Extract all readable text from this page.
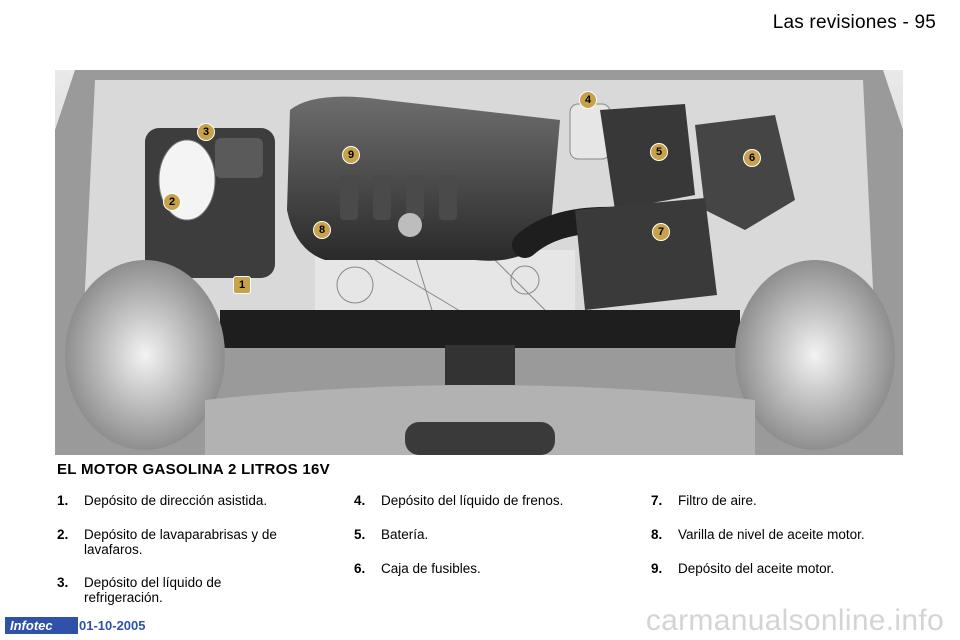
Las revisiones - 95
1
2
3
4
5	6
7
8
9
EL MOTOR GASOLINA 2 LITROS 16V
1. Depósito de dirección asistida.
2. Depósito de lavaparabrisas y de lavafaros.
3. Depósito del líquido de refrigeración.
4. Depósito del líquido de frenos.
5. Batería.
6. Caja de fusibles.
7. Filtro de aire.
8. Varilla de nivel de aceite motor.
9. Depósito del aceite motor.
Infotec	01-10-2005	carmanualsonline.info
